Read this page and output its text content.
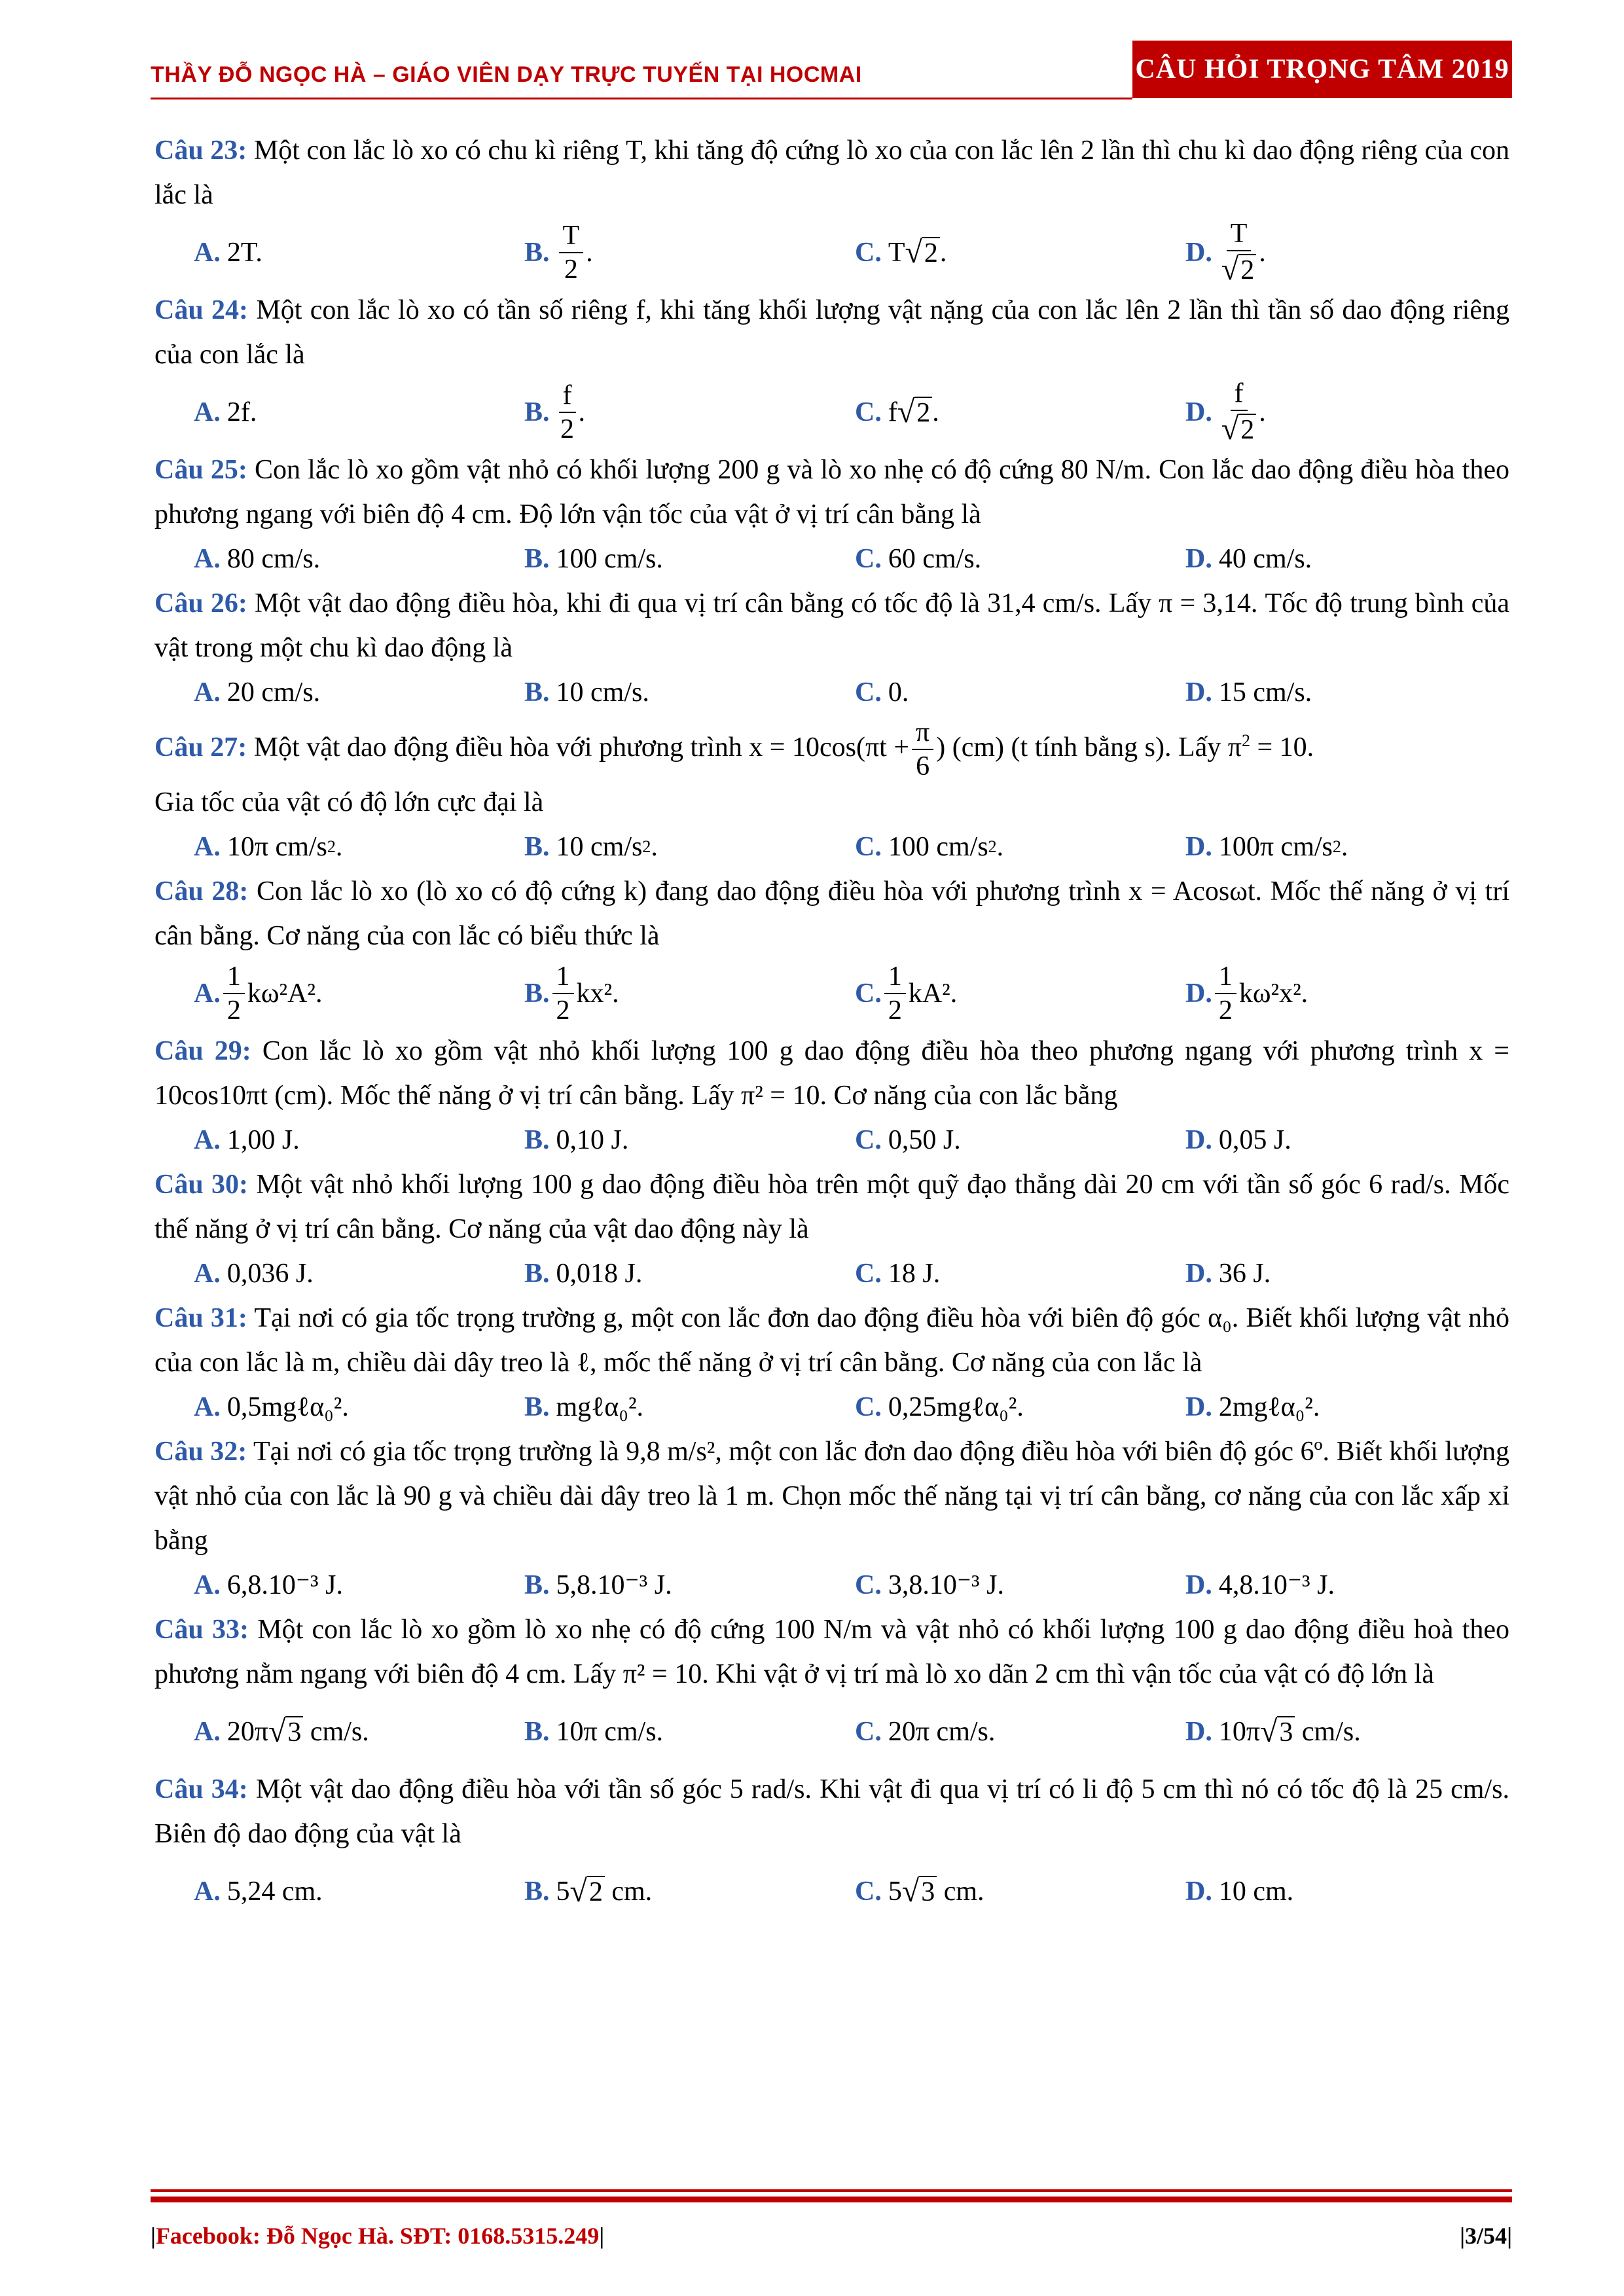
THẦY ĐỖ NGỌC HÀ – GIÁO VIÊN DẠY TRỰC TUYẾN TẠI HOCMAI	CÂU HỎI TRỌNG TÂM 2019

Câu 23: Một con lắc lò xo có chu kì riêng T, khi tăng độ cứng lò xo của con lắc lên 2 lần thì chu kì dao động riêng của con lắc là

A. 2T.	B. $\frac{T}{2}$ .	C. T √ 2 .	D. $\frac{T}{√ 2}$ .

Câu 24: Một con lắc lò xo có tần số riêng f, khi tăng khối lượng vật nặng của con lắc lên 2 lần thì tần số dao động riêng của con lắc là

A. 2f.	B. $\frac{f}{2}$ .	C. f √ 2 .	D. $\frac{f}{√ 2}$ .

Câu 25: Con lắc lò xo gồm vật nhỏ có khối lượng 200 g và lò xo nhẹ có độ cứng 80 N/m. Con lắc dao động điều hòa theo phương ngang với biên độ 4 cm. Độ lớn vận tốc của vật ở vị trí cân bằng là

A. 80 cm/s.	B. 100 cm/s.	C. 60 cm/s.	D. 40 cm/s.

Câu 26: Một vật dao động điều hòa, khi đi qua vị trí cân bằng có tốc độ là 31,4 cm/s. Lấy π = 3,14. Tốc độ trung bình của vật trong một chu kì dao động là

A. 20 cm/s.	B. 10 cm/s.	C. 0.	D. 15 cm/s.

Câu 27: Một vật dao động điều hòa với phương trình $x = 10\cos(\pi t + \frac{\pi}{6}$ ) (cm) (t tính bằng s). Lấy $\pi^2 = 10$.

Gia tốc của vật có độ lớn cực đại là

A. 10π cm/s 2 .	B. 10 cm/s 2 .	C. 100 cm/s 2 .	D. 100π cm/s 2 .

Câu 28: Con lắc lò xo (lò xo có độ cứng k) đang dao động điều hòa với phương trình x = Acosωt. Mốc thế năng ở vị trí cân bằng. Cơ năng của con lắc có biểu thức là

A. $\frac{1}{2} k\omega^2A^2$.	B. $\frac{1}{2} kx^2$.	C. $\frac{1}{2} kA^2$.	D. $\frac{1}{2} k\omega^2x^2$.

Câu 29: Con lắc lò xo gồm vật nhỏ khối lượng 100 g dao động điều hòa theo phương ngang với phương trình x = 10cos10πt (cm). Mốc thế năng ở vị trí cân bằng. Lấy π² = 10. Cơ năng của con lắc bằng

A. 1,00 J.	B. 0,10 J.	C. 0,50 J.	D. 0,05 J.

Câu 30: Một vật nhỏ khối lượng 100 g dao động điều hòa trên một quỹ đạo thẳng dài 20 cm với tần số góc 6 rad/s. Mốc thế năng ở vị trí cân bằng. Cơ năng của vật dao động này là

A. 0,036 J.	B. 0,018 J.	C. 18 J.	D. 36 J.

Câu 31: Tại nơi có gia tốc trọng trường g, một con lắc đơn dao động điều hòa với biên độ góc α₀. Biết khối lượng vật nhỏ của con lắc là m, chiều dài dây treo là ℓ, mốc thế năng ở vị trí cân bằng. Cơ năng của con lắc là

A. 0,5mgℓα₀².	B. mgℓα₀².	C. 0,25mgℓα₀².	D. 2mgℓα₀².

Câu 32: Tại nơi có gia tốc trọng trường là 9,8 m/s², một con lắc đơn dao động điều hòa với biên độ góc 6º. Biết khối lượng vật nhỏ của con lắc là 90 g và chiều dài dây treo là 1 m. Chọn mốc thế năng tại vị trí cân bằng, cơ năng của con lắc xấp xỉ bằng

A. 6,8.10⁻³ J.	B. 5,8.10⁻³ J.	C. 3,8.10⁻³ J.	D. 4,8.10⁻³ J.

Câu 33: Một con lắc lò xo gồm lò xo nhẹ có độ cứng 100 N/m và vật nhỏ có khối lượng 100 g dao động điều hoà theo phương nằm ngang với biên độ 4 cm. Lấy π² = 10. Khi vật ở vị trí mà lò xo dãn 2 cm thì vận tốc của vật có độ lớn là

A. 20π √ 3
cm/s.	B. 10π cm/s.	C. 20π cm/s.	D. 10π √ 3
cm/s.

Câu 34: Một vật dao động điều hòa với tần số góc 5 rad/s. Khi vật đi qua vị trí có li độ 5 cm thì nó có tốc độ là 25 cm/s. Biên độ dao động của vật là

A. 5,24 cm.	B. 5 √ 2
cm.	C. 5 √ 3
cm.	D. 10 cm.
|Facebook: Đỗ Ngọc Hà. SĐT: 0168.5315.249|	|3/54|
